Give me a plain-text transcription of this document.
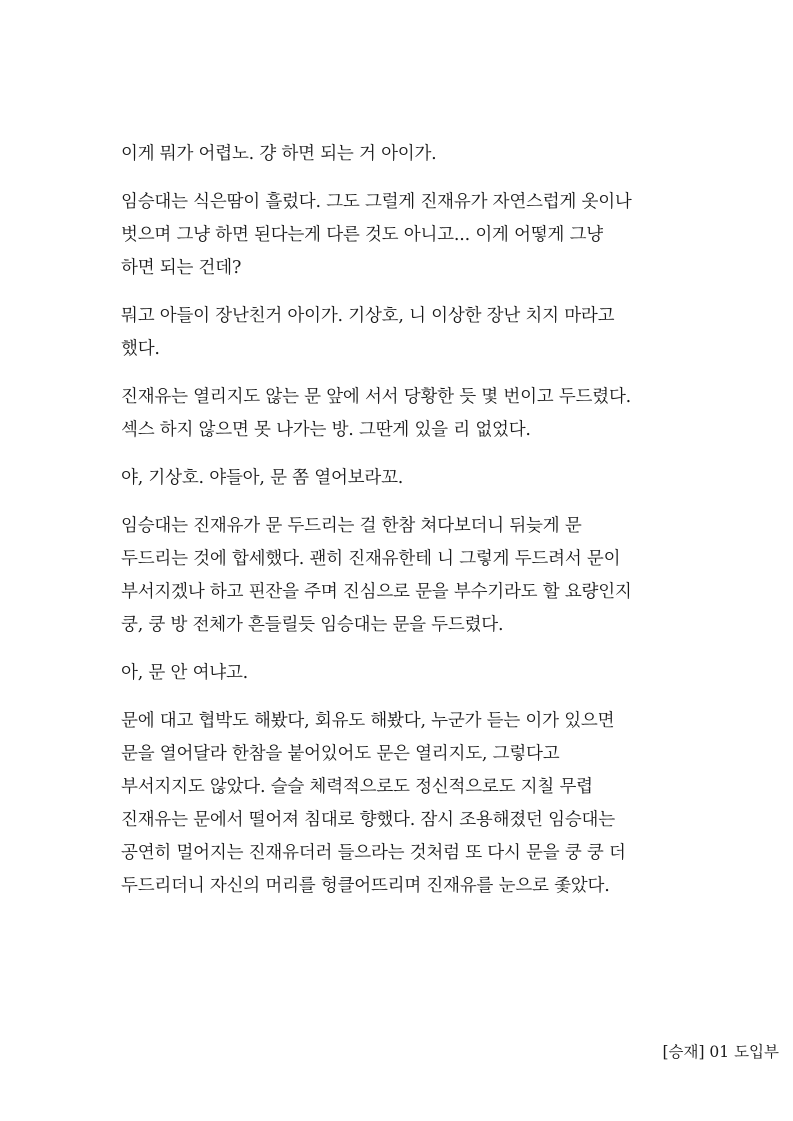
이게 뭐가 어렵노. 걍 하면 되는 거 아이가.

임승대는 식은땀이 흘렀다. 그도 그럴게 진재유가 자연스럽게 옷이나
벗으며 그냥 하면 된다는게 다른 것도 아니고... 이게 어떻게 그냥
하면 되는 건데?

뭐고 아들이 장난친거 아이가. 기상호, 니 이상한 장난 치지 마라고
했다.

진재유는 열리지도 않는 문 앞에 서서 당황한 듯 몇 번이고 두드렸다.
섹스 하지 않으면 못 나가는 방. 그딴게 있을 리 없었다.

야, 기상호. 야들아, 문 쫌 열어보라꼬.

임승대는 진재유가 문 두드리는 걸 한참 쳐다보더니 뒤늦게 문
두드리는 것에 합세했다. 괜히 진재유한테 니 그렇게 두드려서 문이
부서지겠나 하고 핀잔을 주며 진심으로 문을 부수기라도 할 요량인지
쿵, 쿵 방 전체가 흔들릴듯 임승대는 문을 두드렸다.

아, 문 안 여냐고.

문에 대고 협박도 해봤다, 회유도 해봤다, 누군가 듣는 이가 있으면
문을 열어달라 한참을 붙어있어도 문은 열리지도, 그렇다고
부서지지도 않았다. 슬슬 체력적으로도 정신적으로도 지칠 무렵
진재유는 문에서 떨어져 침대로 향했다. 잠시 조용해졌던 임승대는
공연히 멀어지는 진재유더러 들으라는 것처럼 또 다시 문을 쿵 쿵 더
두드리더니 자신의 머리를 헝클어뜨리며 진재유를 눈으로 좇았다.

[승재] 01 도입부
